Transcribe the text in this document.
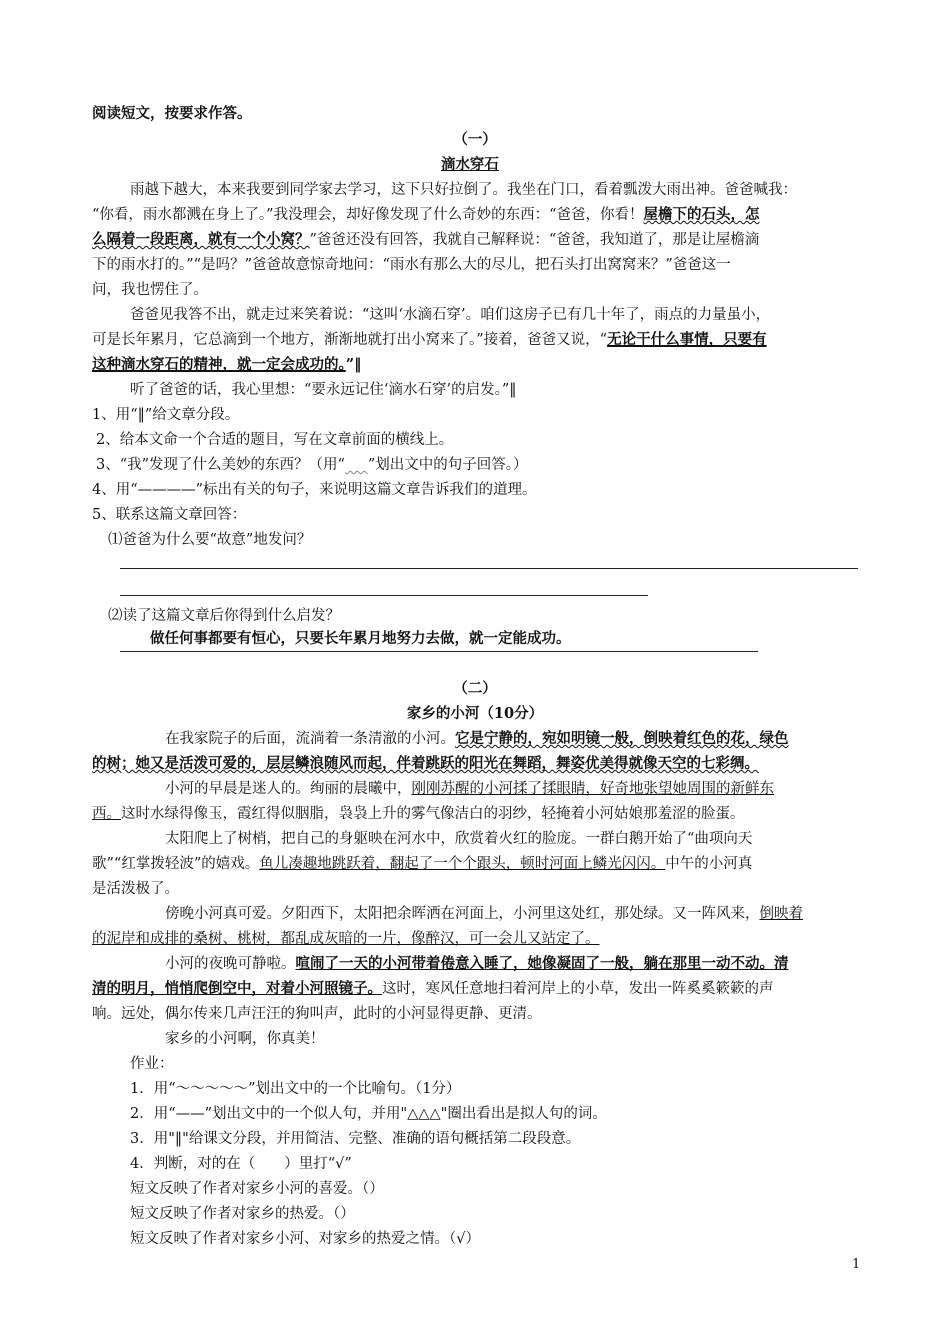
阅读短文，按要求作答。
（一）
滴水穿石
雨越下越大，本来我要到同学家去学习，这下只好拉倒了。我坐在门口，看着瓢泼大雨出神。爸爸喊我：
“你看，雨水都溅在身上了。”我没理会，却好像发现了什么奇妙的东西：“爸爸，你看！屋檐下的石头，怎
么隔着一段距离，就有一个小窝？”爸爸还没有回答，我就自己解释说：“爸爸，我知道了，那是让屋檐滴
下的雨水打的。”“是吗？”爸爸故意惊奇地问：“雨水有那么大的尽儿，把石头打出窝窝来？”爸爸这一
问，我也愣住了。
爸爸见我答不出，就走过来笑着说：“这叫‘水滴石穿’。咱们这房子已有几十年了，雨点的力量虽小，
可是长年累月，它总滴到一个地方，渐渐地就打出小窝来了。”接着，爸爸又说，“无论干什么事情，只要有
这种滴水穿石的精神，就一定会成功的。”‖
听了爸爸的话，我心里想：“要永远记住‘滴水石穿’的启发。”‖
1、用“‖”给文章分段。
2、给本文命一个合适的题目，写在文章前面的横线上。
3、“我”发现了什么美妙的东西？（用“ ”划出文中的句子回答。）
4、用“————”标出有关的句子，来说明这篇文章告诉我们的道理。
5、联系这篇文章回答：
⑴爸爸为什么要“故意”地发问？
⑵读了这篇文章后你得到什么启发？
做任何事都要有恒心，只要长年累月地努力去做，就一定能成功。
（二）
家乡的小河（10分）
在我家院子的后面，流淌着一条清澈的小河。它是宁静的，宛如明镜一般，倒映着红色的花，绿色
的树；她又是活泼可爱的，层层鳞浪随风而起，伴着跳跃的阳光在舞蹈，舞姿优美得就像天空的七彩绸。
小河的早晨是迷人的。绚丽的晨曦中，刚刚苏醒的小河揉了揉眼睛，好奇地张望她周围的新鲜东
西。这时水绿得像玉，霞红得似胭脂，袅袅上升的雾气像洁白的羽纱，轻掩着小河姑娘那羞涩的脸蛋。
太阳爬上了树梢，把自己的身躯映在河水中，欣赏着火红的脸庞。一群白鹅开始了“曲项向天
歌”“红掌拨轻波”的嬉戏。鱼儿凑趣地跳跃着，翻起了一个个跟头，顿时河面上鳞光闪闪。中午的小河真
是活泼极了。
傍晚小河真可爱。夕阳西下，太阳把余晖洒在河面上，小河里这处红，那处绿。又一阵风来，倒映着
的泥岸和成排的桑树、桃树，都乱成灰暗的一片，像醉汉，可一会儿又站定了。
小河的夜晚可静啦。喧闹了一天的小河带着倦意入睡了，她像凝固了一般，躺在那里一动不动。清
清的明月，悄悄爬倒空中，对着小河照镜子。这时，寒风任意地扫着河岸上的小草，发出一阵奚奚簌簌的声
响。远处，偶尔传来几声汪汪的狗叫声，此时的小河显得更静、更清。
家乡的小河啊，你真美！
作业：
1．用“～～～～～”划出文中的一个比喻句。（1分）
2．用“——”划出文中的一个似人句，并用"△△△"圈出看出是拟人句的词。
3．用"‖"给课文分段，并用简洁、完整、准确的语句概括第二段段意。
4．判断，对的在（　　）里打“√”
短文反映了作者对家乡小河的喜爱。（）
短文反映了作者对家乡的热爱。（）
短文反映了作者对家乡小河、对家乡的热爱之情。（√）
1
